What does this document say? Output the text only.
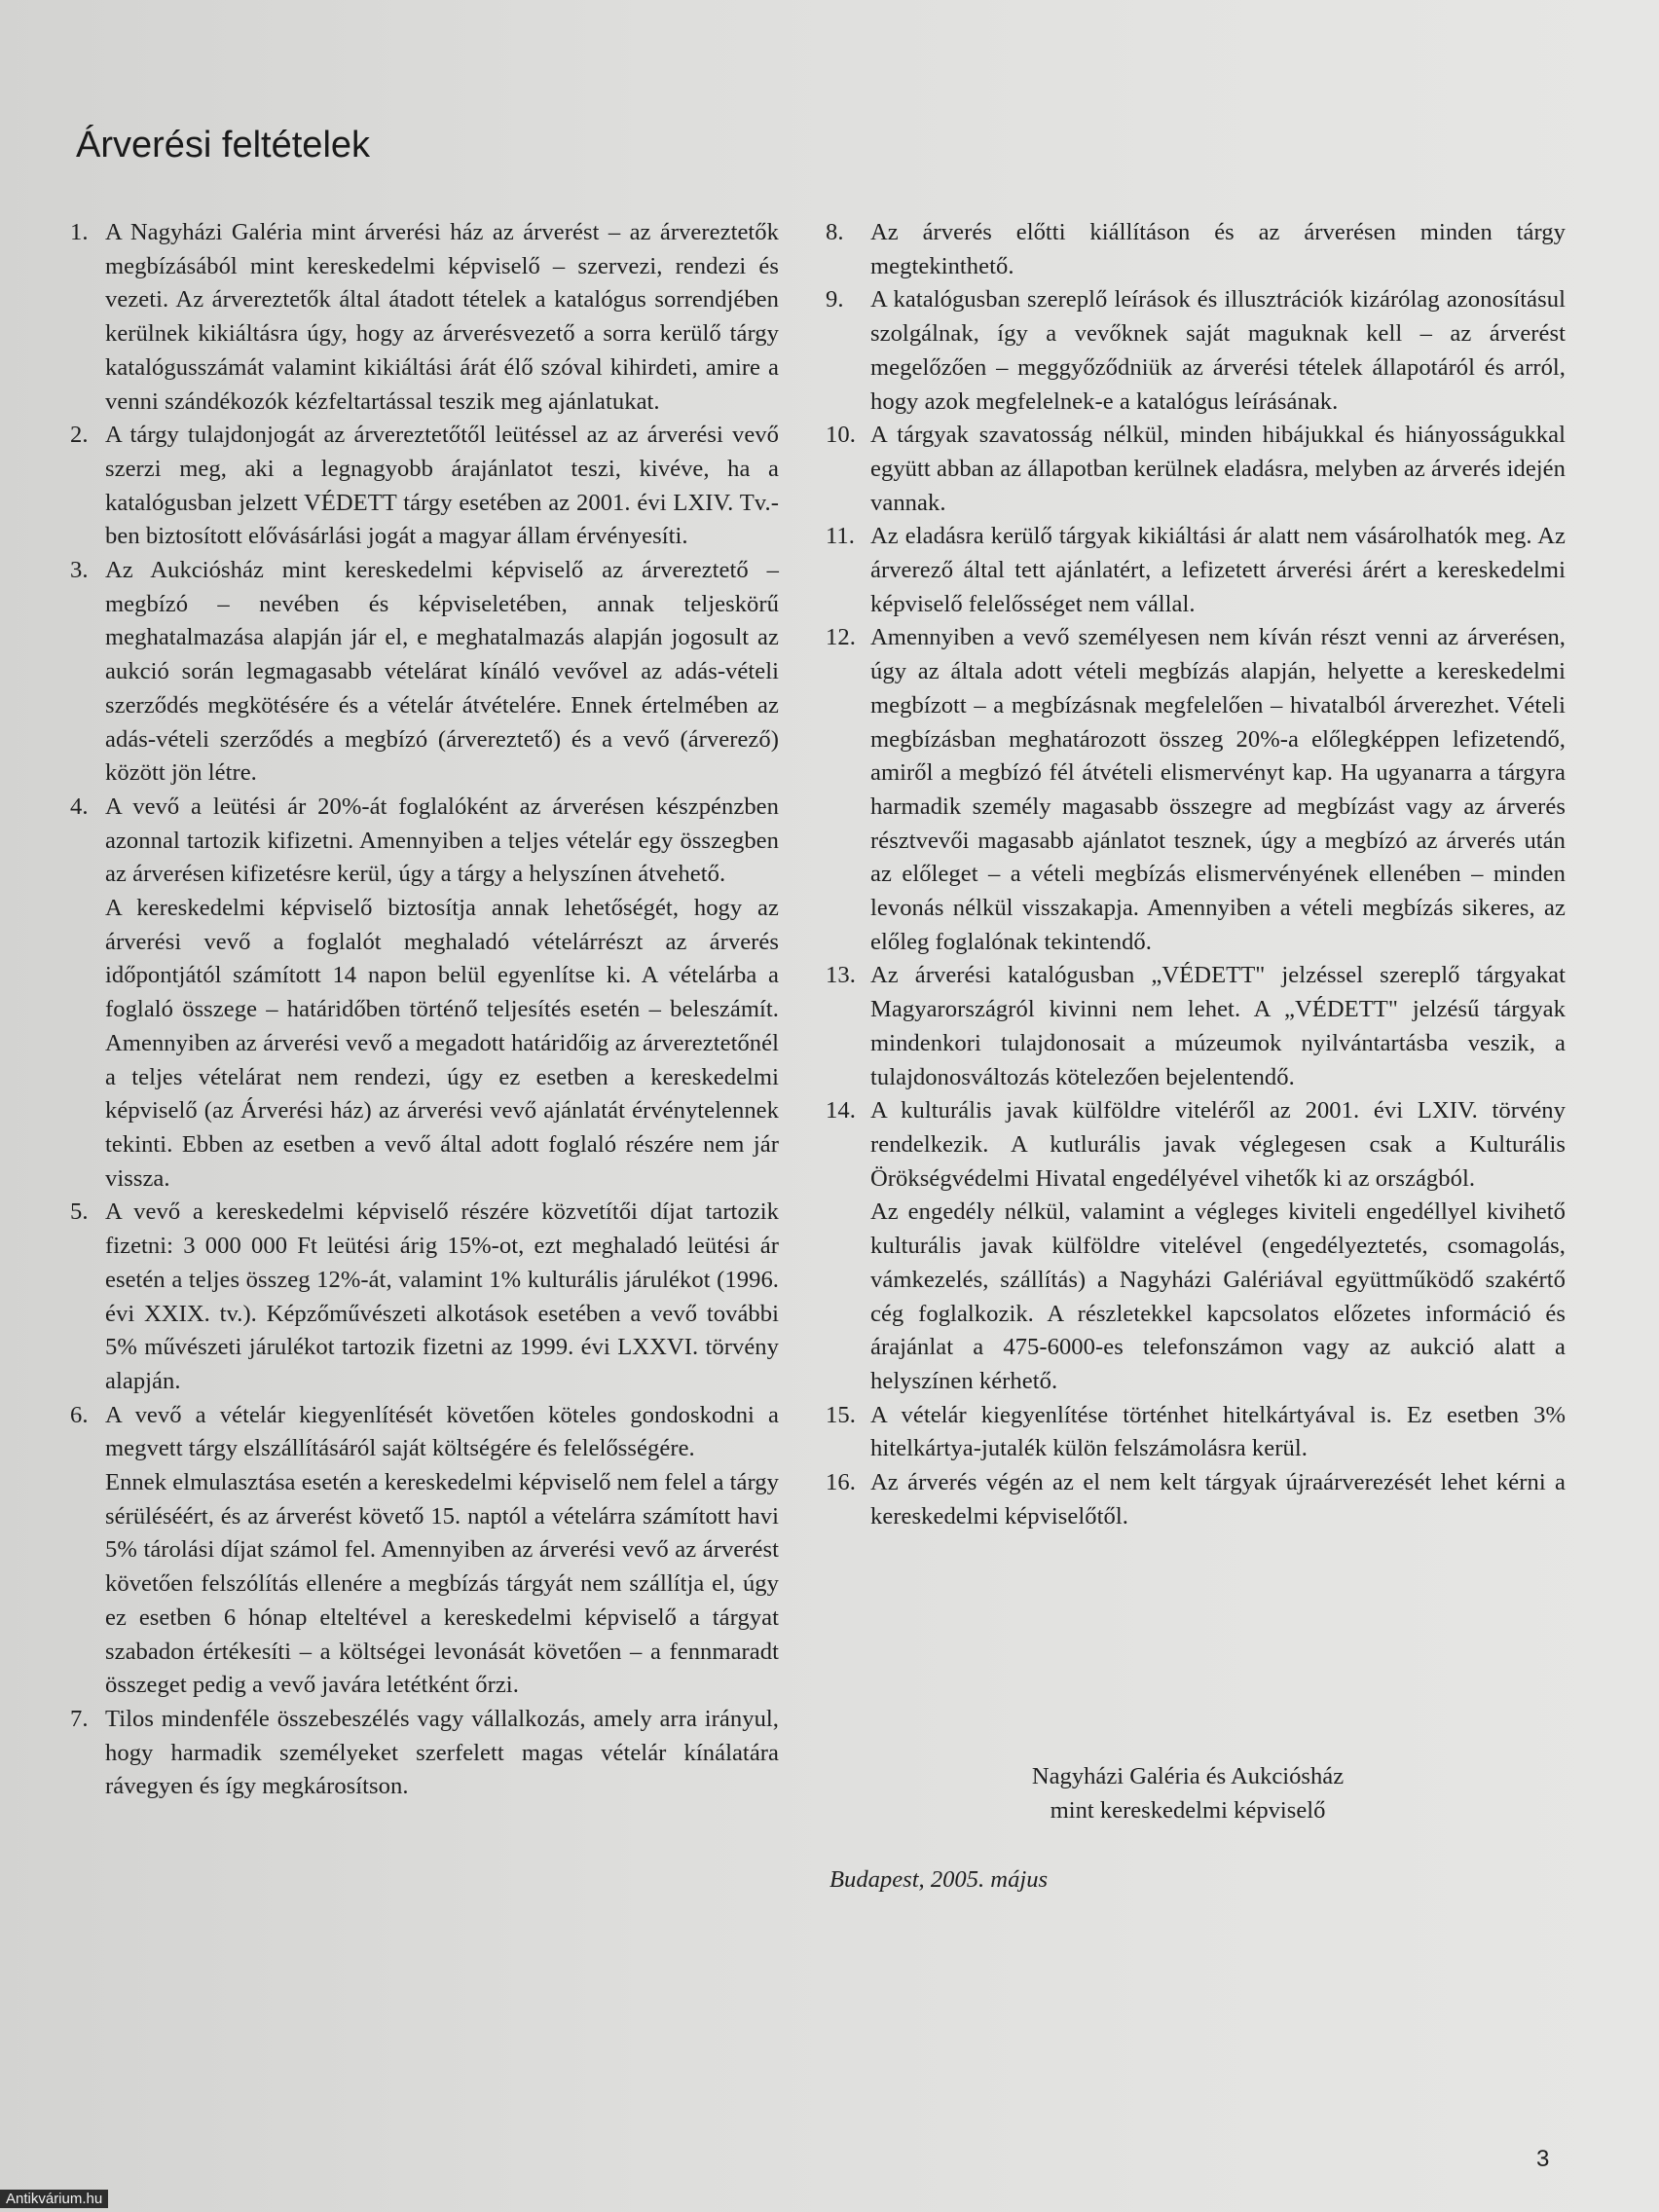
Árverési feltételek
1. A Nagyházi Galéria mint árverési ház az árverést – az árvereztetők megbízásából mint kereskedelmi képviselő – szervezi, rendezi és vezeti. Az árvereztetők által átadott tételek a katalógus sorrendjében kerülnek kikiáltásra úgy, hogy az árverésvezető a sorra kerülő tárgy katalógusszámát valamint kikiáltási árát élő szóval kihirdeti, amire a venni szándékozók kézfeltartással teszik meg ajánlatukat.
2. A tárgy tulajdonjogát az árvereztetőtől leütéssel az az árverési vevő szerzi meg, aki a legnagyobb árajánlatot teszi, kivéve, ha a katalógusban jelzett VÉDETT tárgy esetében az 2001. évi LXIV. Tv.-ben biztosított elővásárlási jogát a magyar állam érvényesíti.
3. Az Aukciósház mint kereskedelmi képviselő az árvereztető – megbízó – nevében és képviseletében, annak teljeskörű meghatalmazása alapján jár el, e meghatalmazás alapján jogosult az aukció során legmagasabb vételárat kínáló vevővel az adás-vételi szerződés megkötésére és a vételár átvételére. Ennek értelmében az adás-vételi szerződés a megbízó (árvereztető) és a vevő (árverező) között jön létre.
4. A vevő a leütési ár 20%-át foglalóként az árverésen készpénzben azonnal tartozik kifizetni. Amennyiben a teljes vételár egy összegben az árverésen kifizetésre kerül, úgy a tárgy a helyszínen átvehető.
A kereskedelmi képviselő biztosítja annak lehetőségét, hogy az árverési vevő a foglalót meghaladó vételárrészt az árverés időpontjától számított 14 napon belül egyenlítse ki. A vételárba a foglaló összege – határidőben történő teljesítés esetén – beleszámít. Amennyiben az árverési vevő a megadott határidőig az árvereztetőnél a teljes vételárat nem rendezi, úgy ez esetben a kereskedelmi képviselő (az Árverési ház) az árverési vevő ajánlatát érvénytelennek tekinti. Ebben az esetben a vevő által adott foglaló részére nem jár vissza.
5. A vevő a kereskedelmi képviselő részére közvetítői díjat tartozik fizetni: 3 000 000 Ft leütési árig 15%-ot, ezt meghaladó leütési ár esetén a teljes összeg 12%-át, valamint 1% kulturális járulékot (1996. évi XXIX. tv.). Képzőművészeti alkotások esetében a vevő további 5% művészeti járulékot tartozik fizetni az 1999. évi LXXVI. törvény alapján.
6. A vevő a vételár kiegyenlítését követően köteles gondoskodni a megvett tárgy elszállításáról saját költségére és felelősségére.
Ennek elmulasztása esetén a kereskedelmi képviselő nem felel a tárgy sérüléséért, és az árverést követő 15. naptól a vételárra számított havi 5% tárolási díjat számol fel. Amennyiben az árverési vevő az árverést követően felszólítás ellenére a megbízás tárgyát nem szállítja el, úgy ez esetben 6 hónap elteltével a kereskedelmi képviselő a tárgyat szabadon értékesíti – a költségei levonását követően – a fennmaradt összeget pedig a vevő javára letétként őrzi.
7. Tilos mindenféle összebeszélés vagy vállalkozás, amely arra irányul, hogy harmadik személyeket szerfelett magas vételár kínálatára rávegyen és így megkárosítson.
8.	Az árverés előtti kiállításon és az árverésen minden tárgy megtekinthető.
9.	A katalógusban szereplő leírások és illusztrációk kizárólag azonosításul szolgálnak, így a vevőknek saját maguknak kell – az árverést megelőzően – meggyőződniük az árverési tételek állapotáról és arról, hogy azok megfelelnek-e a katalógus leírásának.
10. A tárgyak szavatosság nélkül, minden hibájukkal és hiányosságukkal együtt abban az állapotban kerülnek eladásra, melyben az árverés idején vannak.
11. Az eladásra kerülő tárgyak kikiáltási ár alatt nem vásárolhatók meg. Az árverező által tett ajánlatért, a lefizetett árverési árért a kereskedelmi képviselő felelősséget nem vállal.
12. Amennyiben a vevő személyesen nem kíván részt venni az árverésen, úgy az általa adott vételi megbízás alapján, helyette a kereskedelmi megbízott – a megbízásnak megfelelően – hivatalból árverezhet. Vételi megbízásban meghatározott összeg 20%-a előlegképpen lefizetendő, amiről a megbízó fél átvételi elismervényt kap. Ha ugyanarra a tárgyra harmadik személy magasabb összegre ad megbízást vagy az árverés résztvevői magasabb ajánlatot tesznek, úgy a megbízó az árverés után az előleget – a vételi megbízás elismervényének ellenében – minden levonás nélkül visszakapja. Amennyiben a vételi megbízás sikeres, az előleg foglalónak tekintendő.
13. Az árverési katalógusban „VÉDETT" jelzéssel szereplő tárgyakat Magyarországról kivinni nem lehet. A „VÉDETT" jelzésű tárgyak mindenkori tulajdonosait a múzeumok nyilvántartásba veszik, a tulajdonosváltozás kötelezően bejelentendő.
14. A kulturális javak külföldre viteléről az 2001. évi LXIV. törvény rendelkezik. A kutlurális javak véglegesen csak a Kulturális Örökségvédelmi Hivatal engedélyével vihetők ki az országból.
Az engedély nélkül, valamint a végleges kiviteli engedéllyel kivihető kulturális javak külföldre vitelével (engedélyeztetés, csomagolás, vámkezelés, szállítás) a Nagyházi Galériával együttműködő szakértő cég foglalkozik. A részletekkel kapcsolatos előzetes információ és árajánlat a 475-6000-es telefonszámon vagy az aukció alatt a helyszínen kérhető.
15. A vételár kiegyenlítése történhet hitelkártyával is. Ez esetben 3% hitelkártya-jutalék külön felszámolásra kerül.
16. Az árverés végén az el nem kelt tárgyak újraárverezését lehet kérni a kereskedelmi képviselőtől.
Nagyházi Galéria és Aukciósház
mint kereskedelmi képviselő
Budapest, 2005. május
3
Antikvárium.hu
